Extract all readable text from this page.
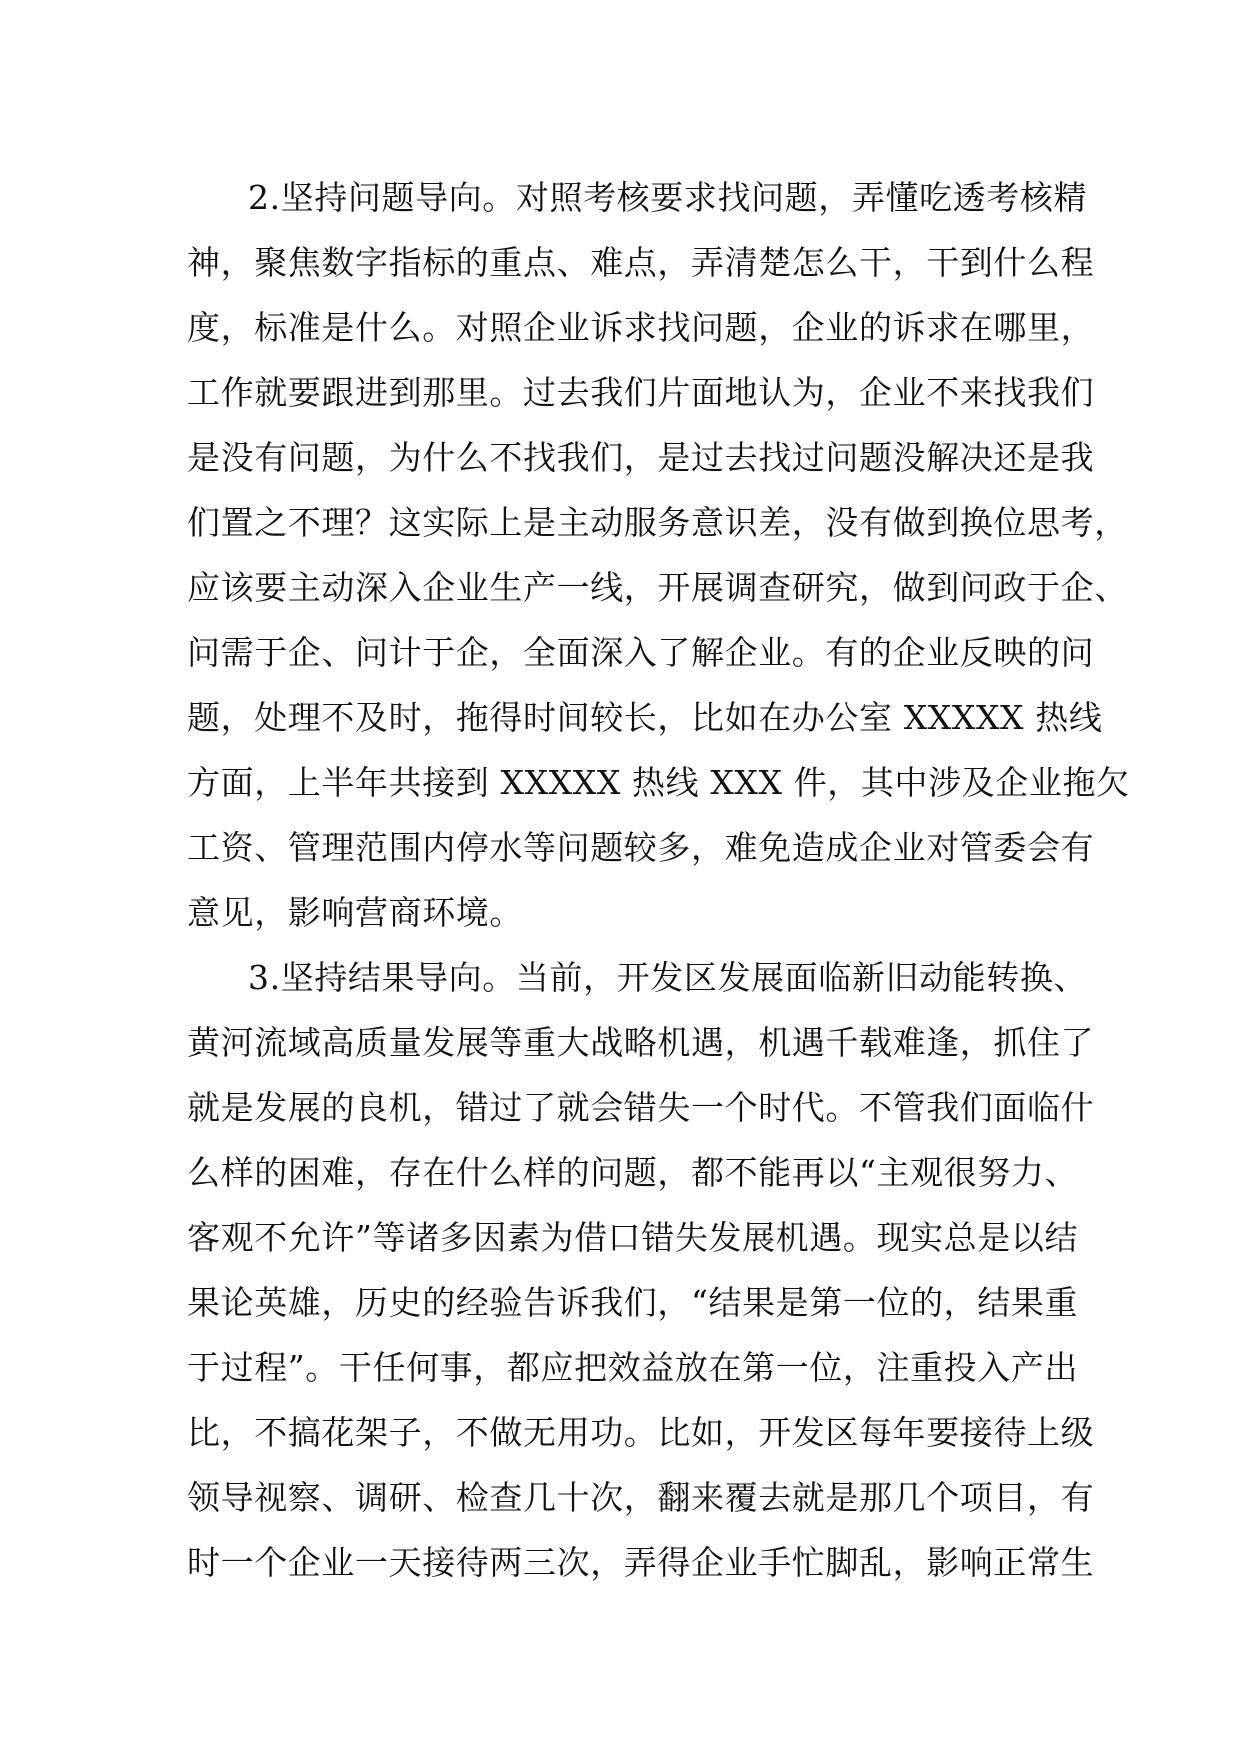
2.坚持问题导向。对照考核要求找问题，弄懂吃透考核精
神，聚焦数字指标的重点、难点，弄清楚怎么干，干到什么程
度，标准是什么。对照企业诉求找问题，企业的诉求在哪里，
工作就要跟进到那里。过去我们片面地认为，企业不来找我们
是没有问题，为什么不找我们，是过去找过问题没解决还是我
们置之不理？这实际上是主动服务意识差，没有做到换位思考，
应该要主动深入企业生产一线，开展调查研究，做到问政于企、
问需于企、问计于企，全面深入了解企业。有的企业反映的问
题，处理不及时，拖得时间较长，比如在办公室 XXXXX 热线
方面，上半年共接到 XXXXX 热线 XXX 件，其中涉及企业拖欠
工资、管理范围内停水等问题较多，难免造成企业对管委会有
意见，影响营商环境。
3.坚持结果导向。当前，开发区发展面临新旧动能转换、
黄河流域高质量发展等重大战略机遇，机遇千载难逢，抓住了
就是发展的良机，错过了就会错失一个时代。不管我们面临什
么样的困难，存在什么样的问题，都不能再以“主观很努力、
客观不允许”等诸多因素为借口错失发展机遇。现实总是以结
果论英雄，历史的经验告诉我们，“结果是第一位的，结果重
于过程”。干任何事，都应把效益放在第一位，注重投入产出
比，不搞花架子，不做无用功。比如，开发区每年要接待上级
领导视察、调研、检查几十次，翻来覆去就是那几个项目，有
时一个企业一天接待两三次，弄得企业手忙脚乱，影响正常生
